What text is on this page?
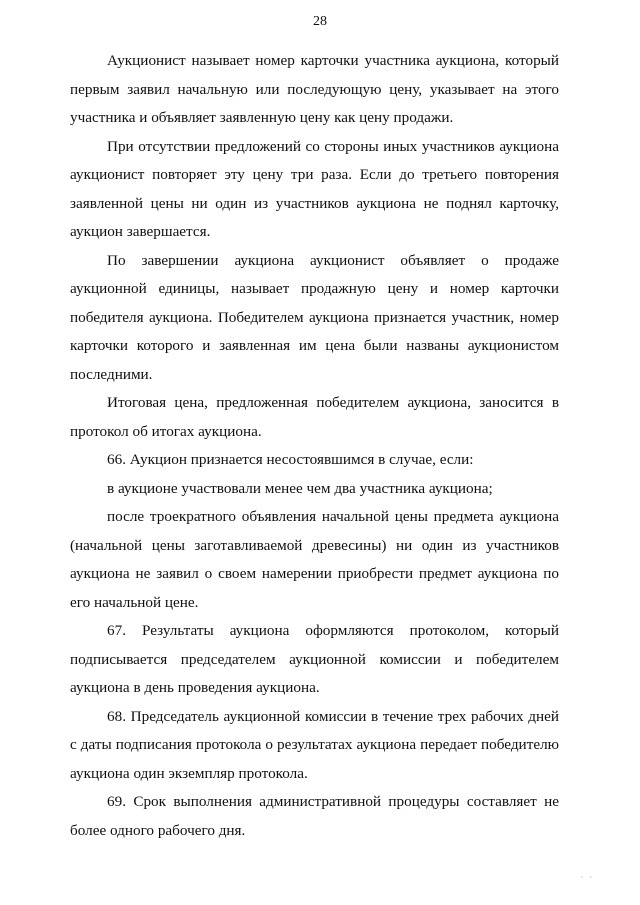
28

Аукционист называет номер карточки участника аукциона, который первым заявил начальную или последующую цену, указывает на этого участника и объявляет заявленную цену как цену продажи.

При отсутствии предложений со стороны иных участников аукциона аукционист повторяет эту цену три раза. Если до третьего повторения заявленной цены ни один из участников аукциона не поднял карточку, аукцион завершается.

По завершении аукциона аукционист объявляет о продаже аукционной единицы, называет продажную цену и номер карточки победителя аукциона. Победителем аукциона признается участник, номер карточки которого и заявленная им цена были названы аукционистом последними.

Итоговая цена, предложенная победителем аукциона, заносится в протокол об итогах аукциона.

66. Аукцион признается несостоявшимся в случае, если:

в аукционе участвовали менее чем два участника аукциона;

после троекратного объявления начальной цены предмета аукциона (начальной цены заготавливаемой древесины) ни один из участников аукциона не заявил о своем намерении приобрести предмет аукциона по его начальной цене.

67. Результаты аукциона оформляются протоколом, который подписывается председателем аукционной комиссии и победителем аукциона в день проведения аукциона.

68. Председатель аукционной комиссии в течение трех рабочих дней с даты подписания протокола о результатах аукциона передает победителю аукциона один экземпляр протокола.

69. Срок выполнения административной процедуры составляет не более одного рабочего дня.

· ·
